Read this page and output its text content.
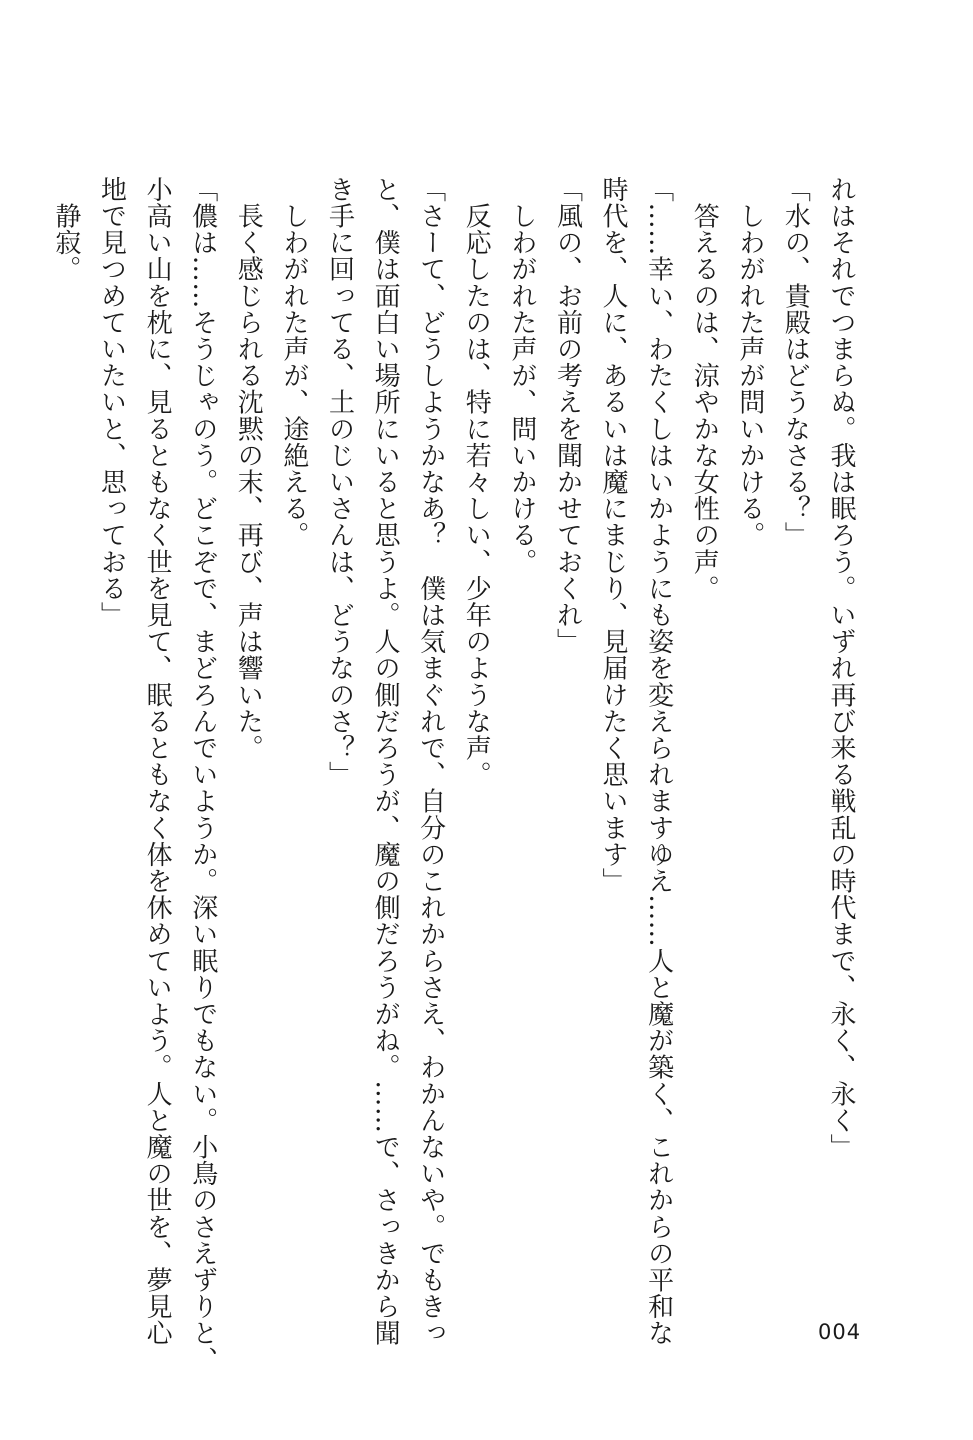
れはそれでつまらぬ。我は眠ろう。いずれ再び来る戦乱の時代まで、永く、永く」
「水の、貴殿はどうなさる？」
　しわがれた声が問いかける。
　答えるのは、涼やかな女性の声。
「……幸い、わたくしはいかようにも姿を変えられますゆえ……人と魔が築く、これからの平和な
時代を、人に、あるいは魔にまじり、見届けたく思います」
「風の、お前の考えを聞かせておくれ」
　しわがれた声が、問いかける。
　反応したのは、特に若々しい、少年のような声。
「さーて、どうしようかなあ？　僕は気まぐれで、自分のこれからさえ、わかんないや。でもきっ
と、僕は面白い場所にいると思うよ。人の側だろうが、魔の側だろうがね。……で、さっきから聞
き手に回ってる、土のじいさんは、どうなのさ？」
　しわがれた声が、途絶える。
　長く感じられる沈黙の末、再び、声は響いた。
「儂は……そうじゃのう。どこぞで、まどろんでいようか。深い眠りでもない。小鳥のさえずりと、
小高い山を枕に、見るともなく世を見て、眠るともなく体を休めていよう。人と魔の世を、夢見心
地で見つめていたいと、思っておる」
　静寂。
004
